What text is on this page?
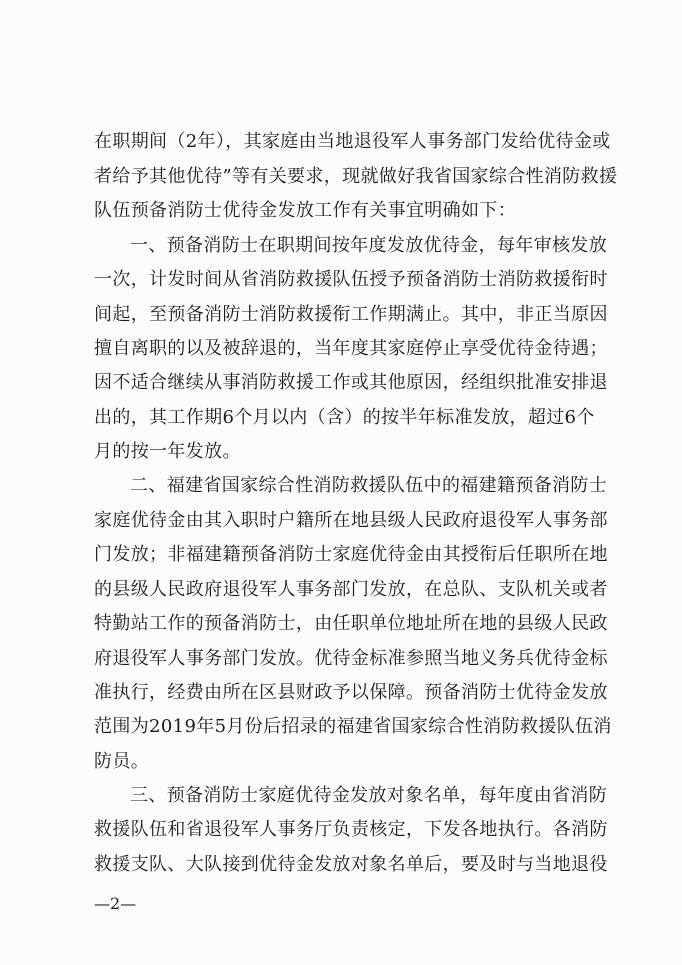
在职期间（2年），其家庭由当地退役军人事务部门发给优待金或
者给予其他优待”等有关要求，现就做好我省国家综合性消防救援
队伍预备消防士优待金发放工作有关事宜明确如下：
一、预备消防士在职期间按年度发放优待金，每年审核发放
一次，计发时间从省消防救援队伍授予预备消防士消防救援衔时
间起，至预备消防士消防救援衔工作期满止。其中，非正当原因
擅自离职的以及被辞退的，当年度其家庭停止享受优待金待遇；
因不适合继续从事消防救援工作或其他原因，经组织批准安排退
出的，其工作期6个月以内（含）的按半年标准发放，超过6个
月的按一年发放。
二、福建省国家综合性消防救援队伍中的福建籍预备消防士
家庭优待金由其入职时户籍所在地县级人民政府退役军人事务部
门发放；非福建籍预备消防士家庭优待金由其授衔后任职所在地
的县级人民政府退役军人事务部门发放，在总队、支队机关或者
特勤站工作的预备消防士，由任职单位地址所在地的县级人民政
府退役军人事务部门发放。优待金标准参照当地义务兵优待金标
准执行，经费由所在区县财政予以保障。预备消防士优待金发放
范围为2019年5月份后招录的福建省国家综合性消防救援队伍消
防员。
三、预备消防士家庭优待金发放对象名单，每年度由省消防
救援队伍和省退役军人事务厅负责核定，下发各地执行。各消防
救援支队、大队接到优待金发放对象名单后，要及时与当地退役
—2—
